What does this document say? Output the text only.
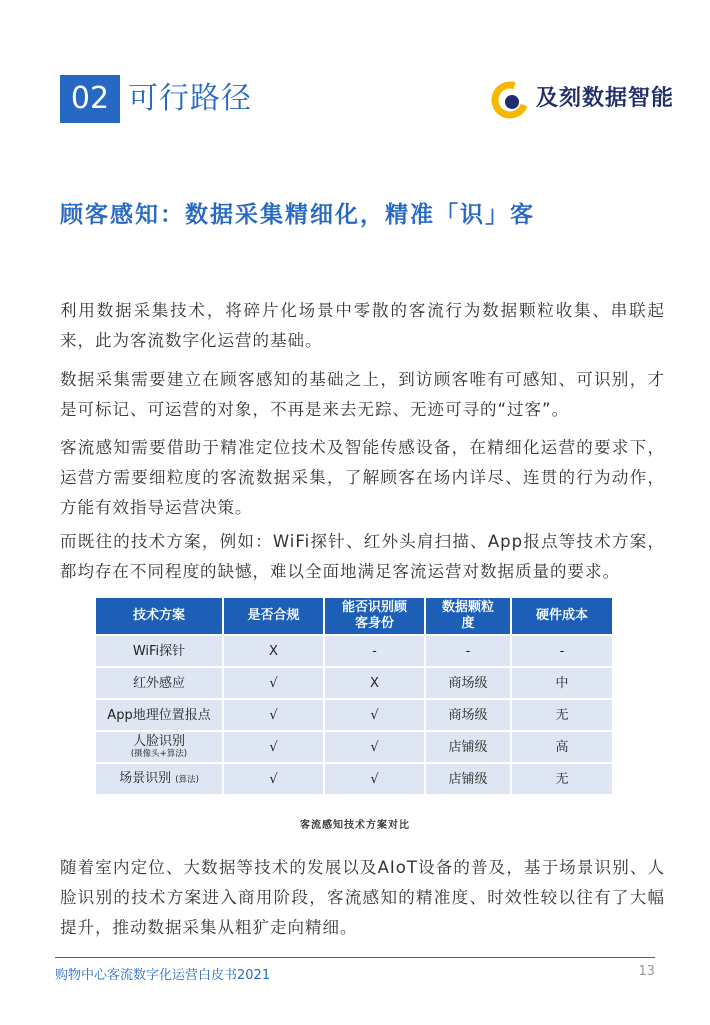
02 可行路径	及刻数据智能
顾客感知：数据采集精细化，精准「识」客

利用数据采集技术，将碎片化场景中零散的客流行为数据颗粒收集、串联起来，此为客流数字化运营的基础。

数据采集需要建立在顾客感知的基础之上，到访顾客唯有可感知、可识别，才是可标记、可运营的对象，不再是来去无踪、无迹可寻的“过客”。

客流感知需要借助于精准定位技术及智能传感设备，在精细化运营的要求下，运营方需要细粒度的客流数据采集，了解顾客在场内详尽、连贯的行为动作，方能有效指导运营决策。

而既往的技术方案，例如：WiFi探针、红外头肩扫描、App报点等技术方案，都均存在不同程度的缺憾，难以全面地满足客流运营对数据质量的要求。

技术方案	是否合规	能否识别顾客身份	数据颗粒度	硬件成本
WiFi探针	X	-	-	-
红外感应	√	X	商场级	中
App地理位置报点	√	√	商场级	无
人脸识别
(摄像头+算法)	√	√	店铺级	高
场景识别 (算法)	√	√	店铺级	无
客流感知技术方案对比

随着室内定位、大数据等技术的发展以及AIoT设备的普及，基于场景识别、人脸识别的技术方案进入商用阶段，客流感知的精准度、时效性较以往有了大幅提升，推动数据采集从粗犷走向精细。

购物中心客流数字化运营白皮书2021	13
